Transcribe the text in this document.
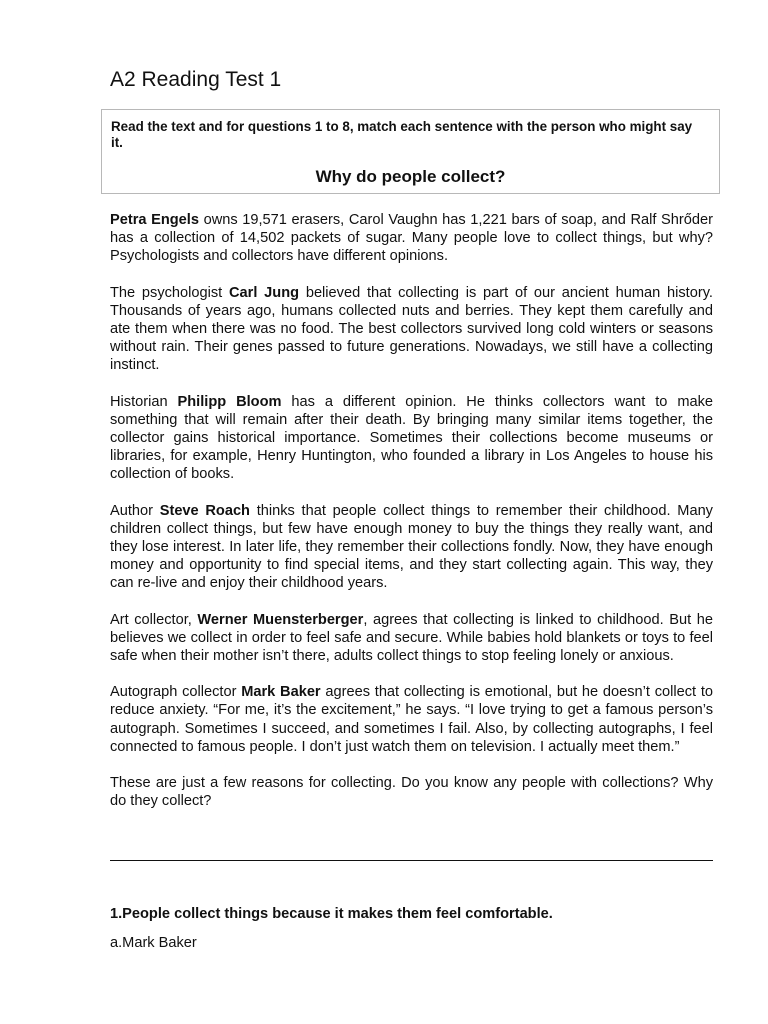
A2 Reading Test 1

Read the text and for questions 1 to 8, match each sentence with the person who might say it.

Why do people collect?

Petra Engels owns 19,571 erasers, Carol Vaughn has 1,221 bars of soap, and Ralf Shrőder has a collection of 14,502 packets of sugar. Many people love to collect things, but why? Psychologists and collectors have different opinions.

The psychologist Carl Jung believed that collecting is part of our ancient human history. Thousands of years ago, humans collected nuts and berries. They kept them carefully and ate them when there was no food. The best collectors survived long cold winters or seasons without rain. Their genes passed to future generations. Nowadays, we still have a collecting instinct.

Historian Philipp Bloom has a different opinion. He thinks collectors want to make something that will remain after their death. By bringing many similar items together, the collector gains historical importance. Sometimes their collections become museums or libraries, for example, Henry Huntington, who founded a library in Los Angeles to house his collection of books.

Author Steve Roach thinks that people collect things to remember their childhood. Many children collect things, but few have enough money to buy the things they really want, and they lose interest. In later life, they remember their collections fondly. Now, they have enough money and opportunity to find special items, and they start collecting again. This way, they can re-live and enjoy their childhood years.

Art collector, Werner Muensterberger, agrees that collecting is linked to childhood. But he believes we collect in order to feel safe and secure. While babies hold blankets or toys to feel safe when their mother isn’t there, adults collect things to stop feeling lonely or anxious.

Autograph collector Mark Baker agrees that collecting is emotional, but he doesn’t collect to reduce anxiety. “For me, it’s the excitement,” he says. “I love trying to get a famous person’s autograph. Sometimes I succeed, and sometimes I fail. Also, by collecting autographs, I feel connected to famous people. I don’t just watch them on television. I actually meet them.”

These are just a few reasons for collecting. Do you know any people with collections? Why do they collect?

1.People collect things because it makes them feel comfortable.

a.Mark Baker
